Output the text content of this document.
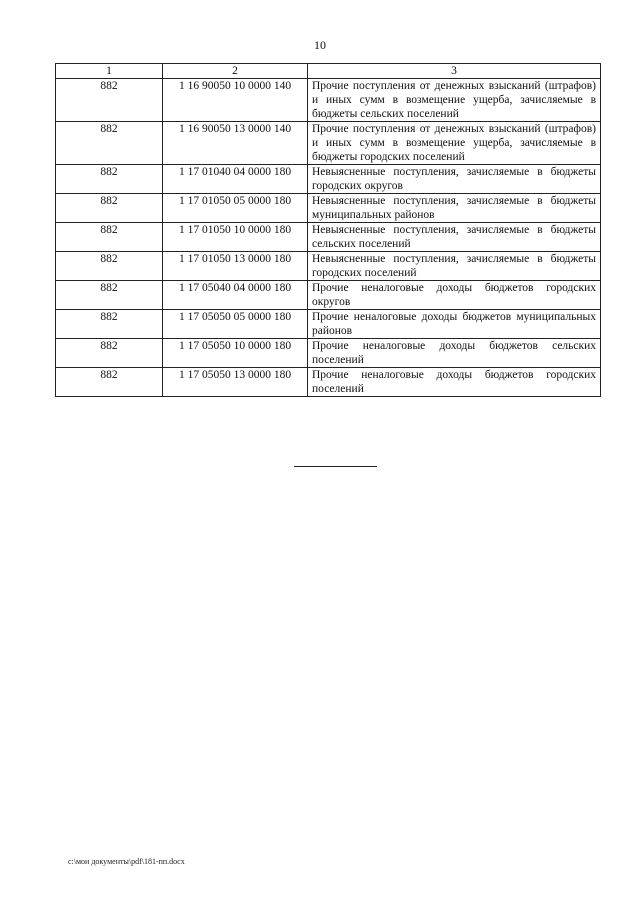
10
1	2	3
882	1 16 90050 10 0000 140	Прочие поступления от денежных взысканий (штрафов) и иных сумм в возмещение ущерба, зачисляемые в бюджеты сельских поселений
882	1 16 90050 13 0000 140	Прочие поступления от денежных взысканий (штрафов) и иных сумм в возмещение ущерба, зачисляемые в бюджеты городских поселений
882	1 17 01040 04 0000 180	Невыясненные поступления, зачисляемые в бюджеты городских округов
882	1 17 01050 05 0000 180	Невыясненные поступления, зачисляемые в бюджеты муниципальных районов
882	1 17 01050 10 0000 180	Невыясненные поступления, зачисляемые в бюджеты сельских поселений
882	1 17 01050 13 0000 180	Невыясненные поступления, зачисляемые в бюджеты городских поселений
882	1 17 05040 04 0000 180	Прочие неналоговые доходы бюджетов городских округов
882	1 17 05050 05 0000 180	Прочие неналоговые доходы бюджетов муниципальных районов
882	1 17 05050 10 0000 180	Прочие неналоговые доходы бюджетов сельских поселений
882	1 17 05050 13 0000 180	Прочие неналоговые доходы бюджетов городских поселений
c:\мои документы\pdf\181-пп.docx
